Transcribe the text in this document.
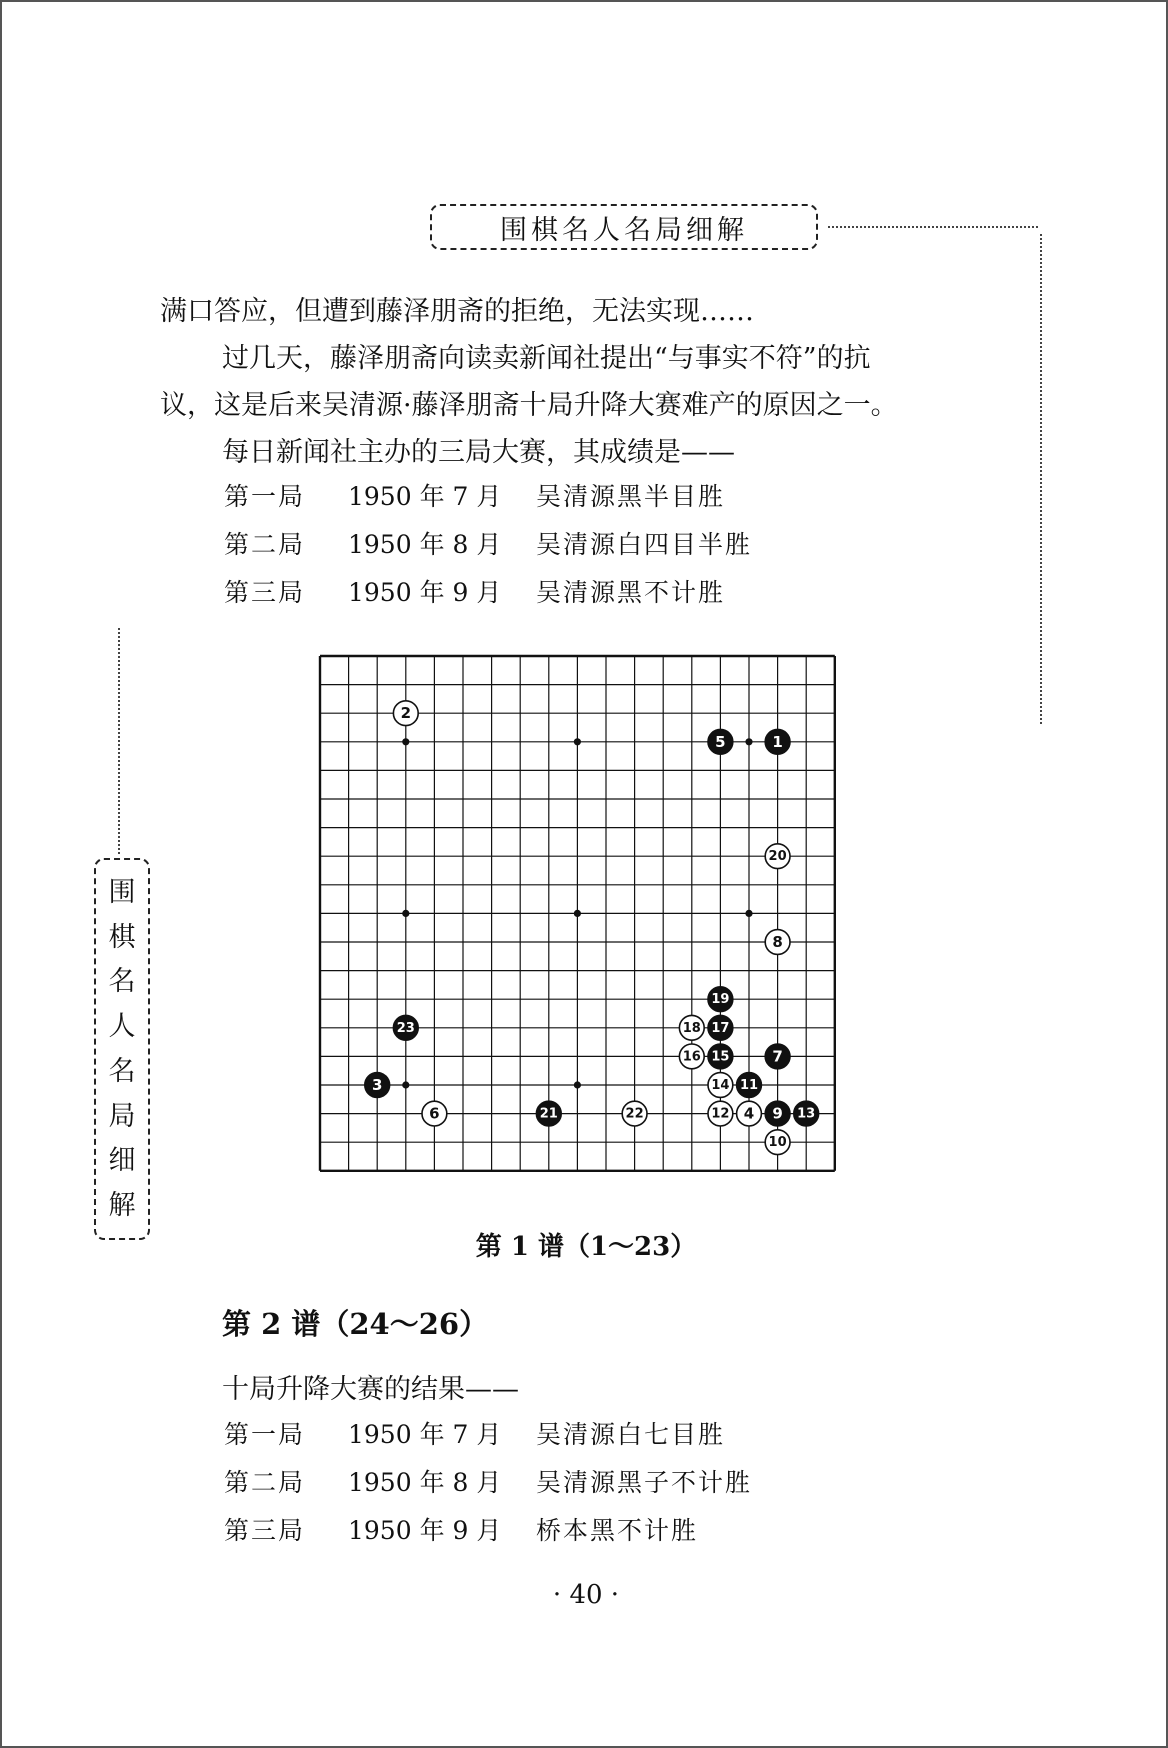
围棋名人名局细解
围
棋
名
人
名
局
细
解
满口答应，但遭到藤泽朋斋的拒绝，无法实现……
过几天，藤泽朋斋向读卖新闻社提出“与事实不符”的抗
议，这是后来吴清源·藤泽朋斋十局升降大赛难产的原因之一。
每日新闻社主办的三局大赛，其成绩是——
第一局 1950 年 7 月 吴清源黑半目胜
第二局 1950 年 8 月 吴清源白四目半胜
第三局 1950 年 9 月 吴清源黑不计胜
2
4
6
8
10
12
14
16
18
20
22
1
3
5
7
9
11
13
15
17
19
21
23
第 1 谱（1～23）
第 2 谱（24～26）
十局升降大赛的结果——
第一局 1950 年 7 月 吴清源白七目胜
第二局 1950 年 8 月 吴清源黑子不计胜
第三局 1950 年 9 月 桥本黑不计胜
· 40 ·
